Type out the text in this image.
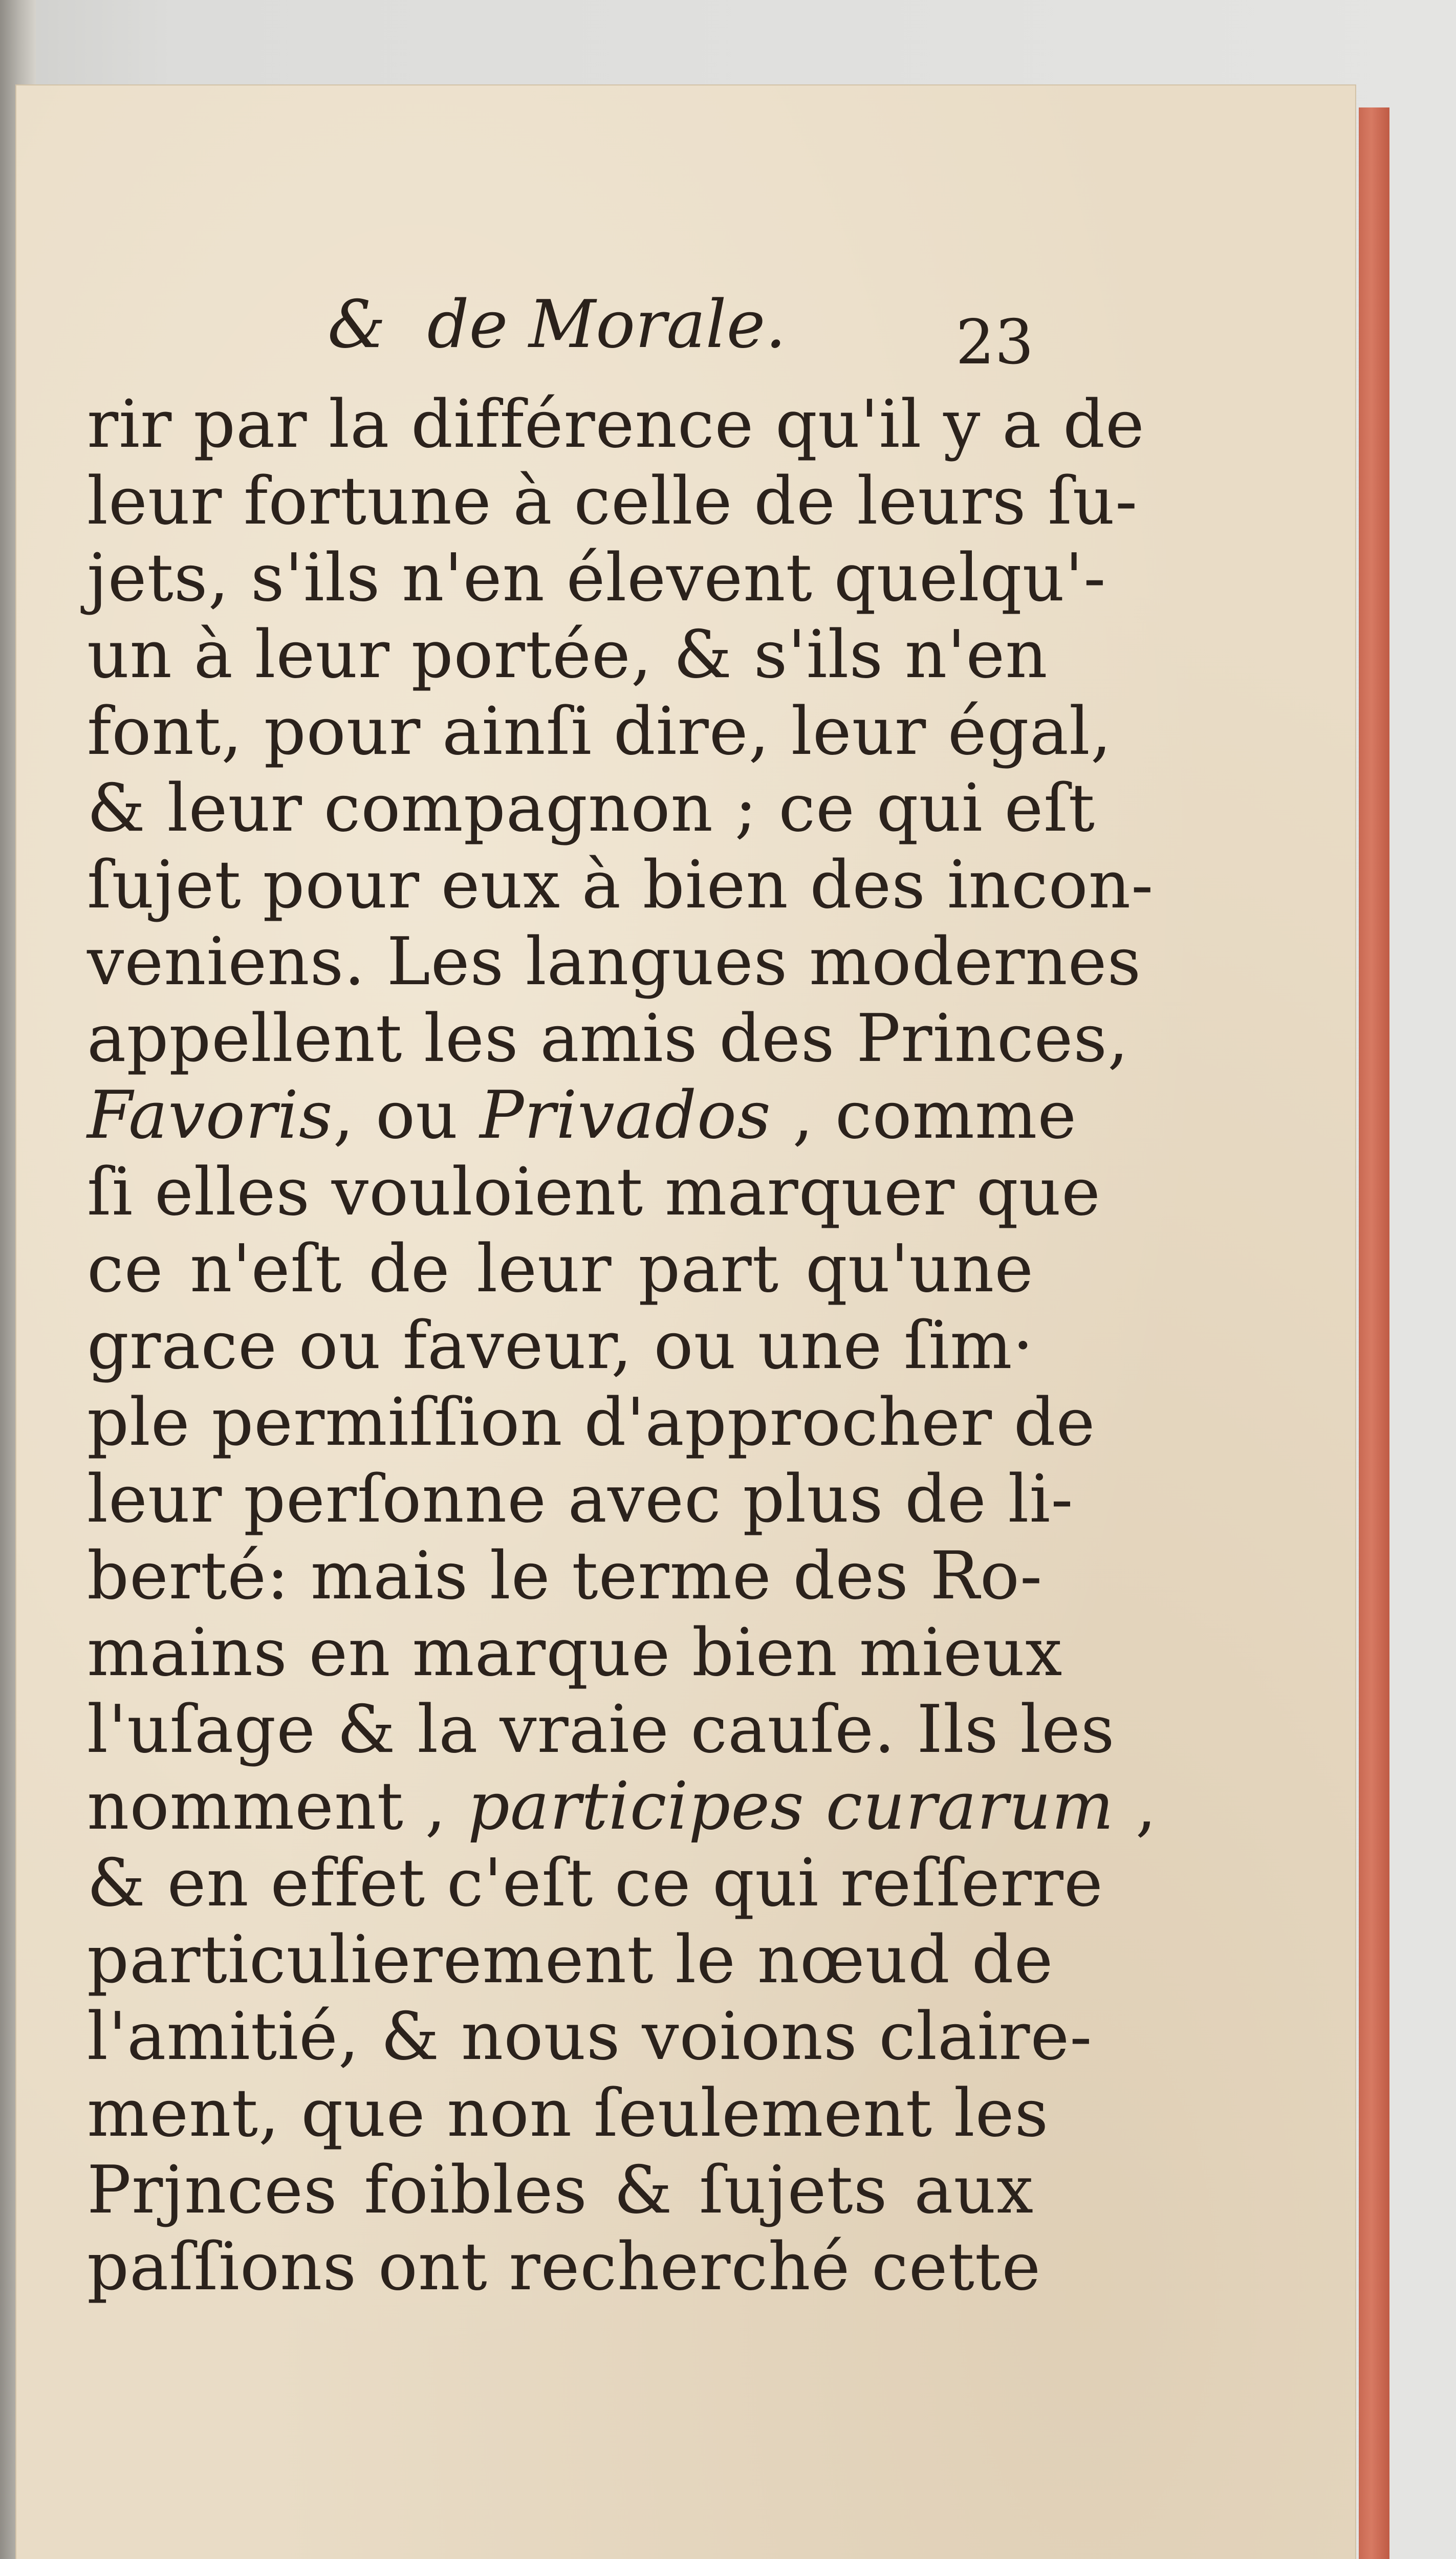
& de Morale.	23
rir par la différence qu'il y a de
leur fortune à celle de leurs ſu-
jets, s'ils n'en élevent quelqu'-
un à leur portée, & s'ils n'en
font, pour ainſi dire, leur égal,
& leur compagnon ; ce qui eſt
ſujet pour eux à bien des incon-
veniens. Les langues modernes
appellent les amis des Princes,
Favoris, ou Privados , comme
ſi elles vouloient marquer que
ce n'eſt de leur part qu'une
grace ou faveur, ou une ſim·
ple permiſſion d'approcher de
leur perſonne avec plus de li-
berté: mais le terme des Ro-
mains en marque bien mieux
l'uſage & la vraie cauſe. Ils les
nomment , participes curarum ,
& en effet c'eſt ce qui reſſerre
particulierement le nœud de
l'amitié, & nous voions claire-
ment, que non ſeulement les
Prjnces foibles & ſujets aux
paſſions ont recherché cette
